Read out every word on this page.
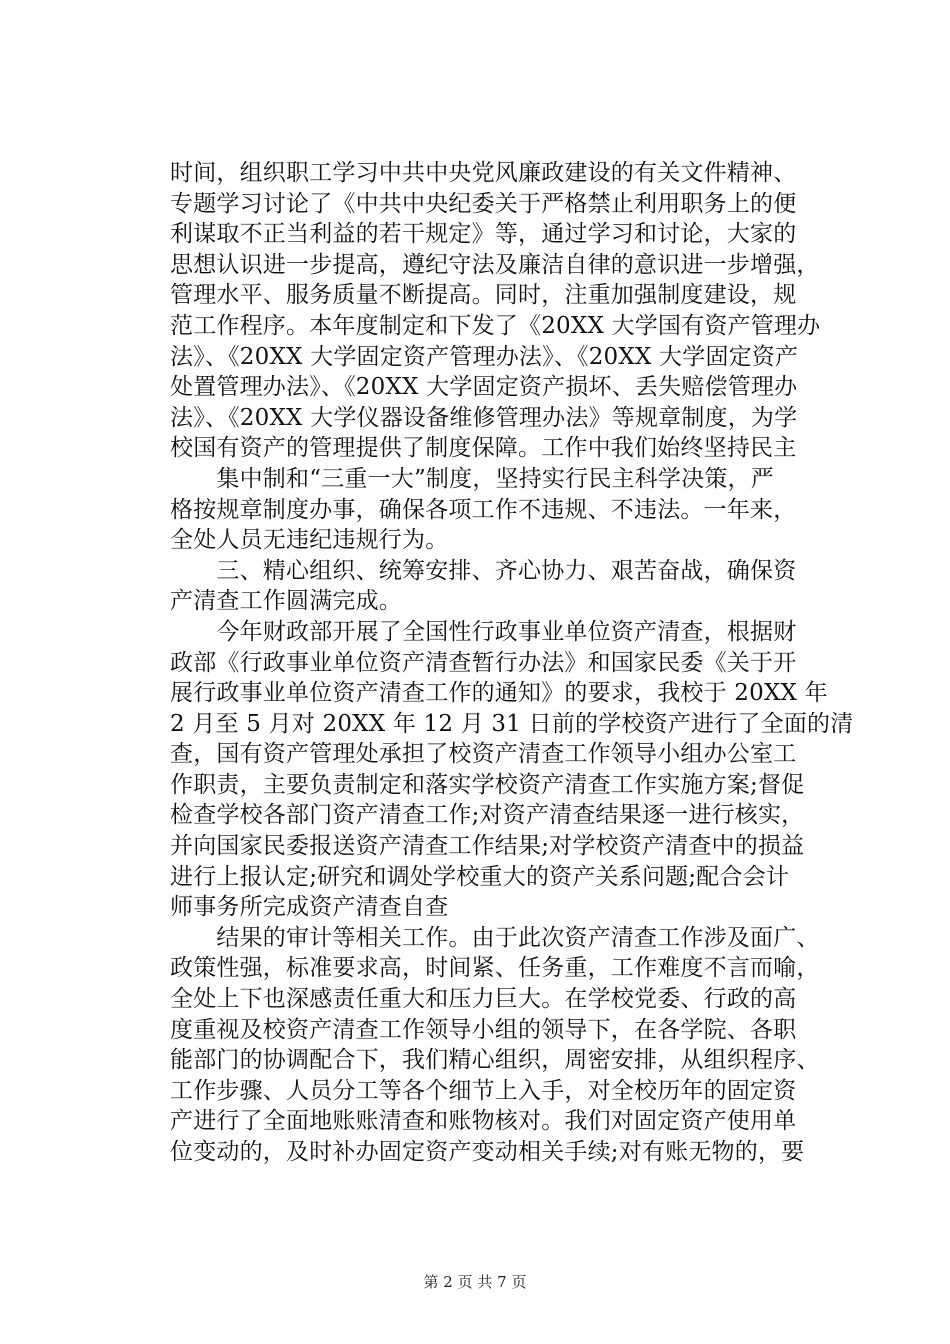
时间，组织职工学习中共中央党风廉政建设的有关文件精神、
专题学习讨论了《中共中央纪委关于严格禁止利用职务上的便
利谋取不正当利益的若干规定》等，通过学习和讨论，大家的
思想认识进一步提高，遵纪守法及廉洁自律的意识进一步增强，
管理水平、服务质量不断提高。同时，注重加强制度建设，规
范工作程序。本年度制定和下发了《20XX 大学国有资产管理办
法》、《20XX 大学固定资产管理办法》、《20XX 大学固定资产
处置管理办法》、《20XX 大学固定资产损坏、丢失赔偿管理办
法》、《20XX 大学仪器设备维修管理办法》等规章制度，为学
校国有资产的管理提供了制度保障。工作中我们始终坚持民主
　　集中制和“三重一大”制度，坚持实行民主科学决策，严
格按规章制度办事，确保各项工作不违规、不违法。一年来，
全处人员无违纪违规行为。
　　三、精心组织、统筹安排、齐心协力、艰苦奋战，确保资
产清查工作圆满完成。
　　今年财政部开展了全国性行政事业单位资产清查，根据财
政部《行政事业单位资产清查暂行办法》和国家民委《关于开
展行政事业单位资产清查工作的通知》的要求，我校于 20XX 年
2 月至 5 月对 20XX 年 12 月 31 日前的学校资产进行了全面的清
查，国有资产管理处承担了校资产清查工作领导小组办公室工
作职责，主要负责制定和落实学校资产清查工作实施方案;督促
检查学校各部门资产清查工作;对资产清查结果逐一进行核实，
并向国家民委报送资产清查工作结果;对学校资产清查中的损益
进行上报认定;研究和调处学校重大的资产关系问题;配合会计
师事务所完成资产清查自查
　　结果的审计等相关工作。由于此次资产清查工作涉及面广、
政策性强，标准要求高，时间紧、任务重，工作难度不言而喻，
全处上下也深感责任重大和压力巨大。在学校党委、行政的高
度重视及校资产清查工作领导小组的领导下，在各学院、各职
能部门的协调配合下，我们精心组织，周密安排，从组织程序、
工作步骤、人员分工等各个细节上入手，对全校历年的固定资
产进行了全面地账账清查和账物核对。我们对固定资产使用单
位变动的，及时补办固定资产变动相关手续;对有账无物的，要
第 2 页 共 7 页
